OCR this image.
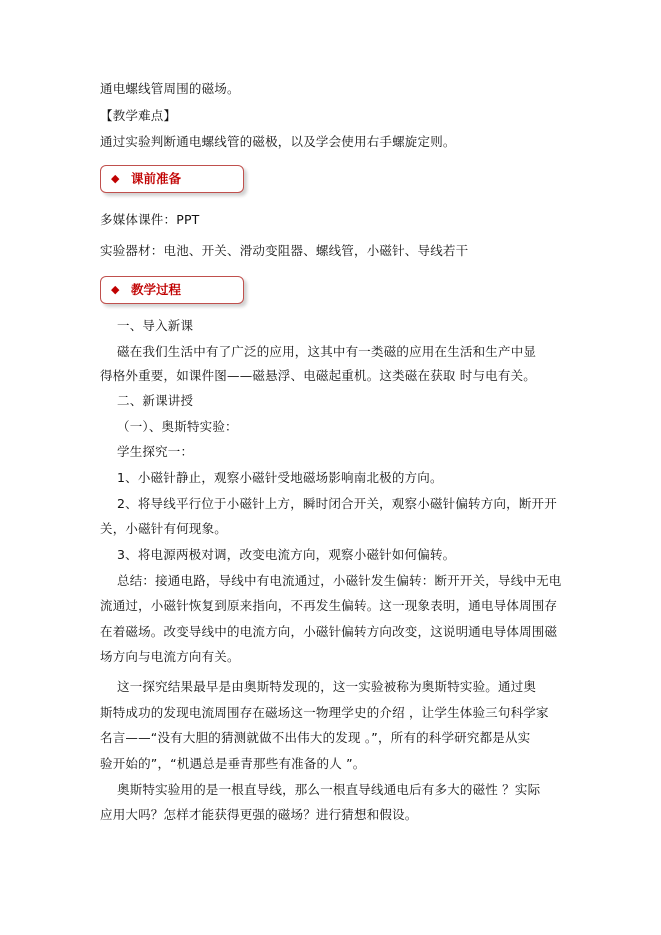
通电螺线管周围的磁场。

【教学难点】

通过实验判断通电螺线管的磁极，以及学会使用右手螺旋定则。

◆ 课前准备

多媒体课件：PPT

实验器材：电池、开关、滑动变阻器、螺线管，小磁针、导线若干

◆ 教学过程

一、导入新课

磁在我们生活中有了广泛的应用，这其中有一类磁的应用在生活和生产中显

得格外重要，如课件图——磁悬浮、电磁起重机。这类磁在获取 时与电有关。

二、新课讲授

（一）、奥斯特实验：

学生探究一：

1、小磁针静止，观察小磁针受地磁场影响南北极的方向。

2、将导线平行位于小磁针上方，瞬时闭合开关，观察小磁针偏转方向，断开开

关，小磁针有何现象。

3、将电源两极对调，改变电流方向，观察小磁针如何偏转。

总结：接通电路，导线中有电流通过，小磁针发生偏转：断开开关，导线中无电

流通过，小磁针恢复到原来指向，不再发生偏转。这一现象表明，通电导体周围存

在着磁场。改变导线中的电流方向，小磁针偏转方向改变，这说明通电导体周围磁

场方向与电流方向有关。

这一探究结果最早是由奥斯特发现的，这一实验被称为奥斯特实验。通过奥

斯特成功的发现电流周围存在磁场这一物理学史的介绍 ，让学生体验三句科学家

名言——“没有大胆的猜测就做不出伟大的发现 。”，所有的科学研究都是从实

验开始的”，“机遇总是垂青那些有准备的人 ”。

奥斯特实验用的是一根直导线，那么一根直导线通电后有多大的磁性 ？实际

应用大吗？怎样才能获得更强的磁场？进行猜想和假设。
